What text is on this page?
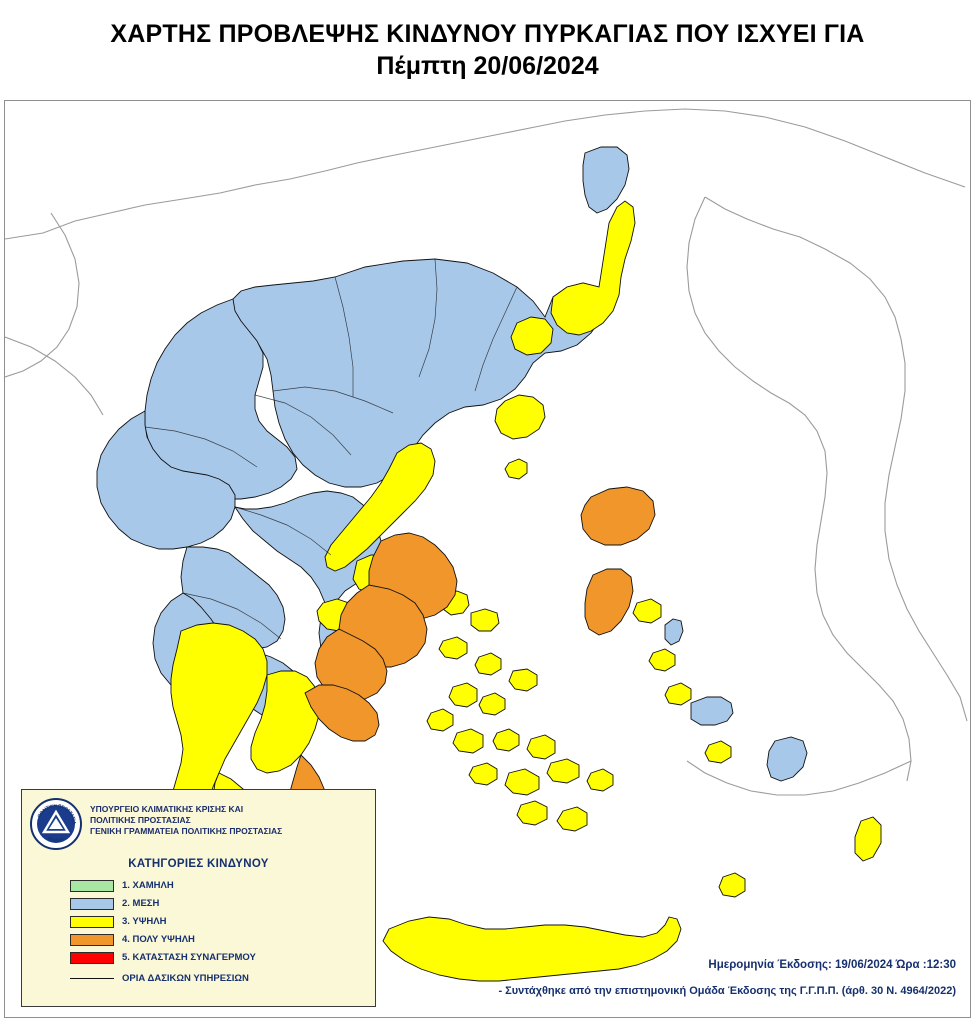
ΧΑΡΤΗΣ ΠΡΟΒΛΕΨΗΣ ΚΙΝΔΥΝΟΥ ΠΥΡΚΑΓΙΑΣ ΠΟΥ ΙΣΧΥΕΙ ΓΙΑ
Πέμπτη 20/06/2024
ΠΟΛΙΤΙΚΗ ΠΡΟΣΤΑΣΙΑ
ΕΛΛΑΔΑ
ΥΠΟΥΡΓΕΙΟ ΚΛΙΜΑΤΙΚΗΣ ΚΡΙΣΗΣ ΚΑΙ
ΠΟΛΙΤΙΚΗΣ ΠΡΟΣΤΑΣΙΑΣ
ΓΕΝΙΚΗ ΓΡΑΜΜΑΤΕΙΑ ΠΟΛΙΤΙΚΗΣ ΠΡΟΣΤΑΣΙΑΣ
ΚΑΤΗΓΟΡΙΕΣ ΚΙΝΔΥΝΟΥ
1. ΧΑΜΗΛΗ
2. ΜΕΣΗ
3. ΥΨΗΛΗ
4. ΠΟΛΥ ΥΨΗΛΗ
5. ΚΑΤΑΣΤΑΣΗ ΣΥΝΑΓΕΡΜΟΥ
ΟΡΙΑ ΔΑΣΙΚΩΝ ΥΠΗΡΕΣΙΩΝ
Ημερομηνία Έκδοσης: 19/06/2024 Ώρα :12:30
- Συντάχθηκε από την επιστημονική Ομάδα Έκδοσης της Γ.Γ.Π.Π. (άρθ. 30 Ν. 4964/2022)
